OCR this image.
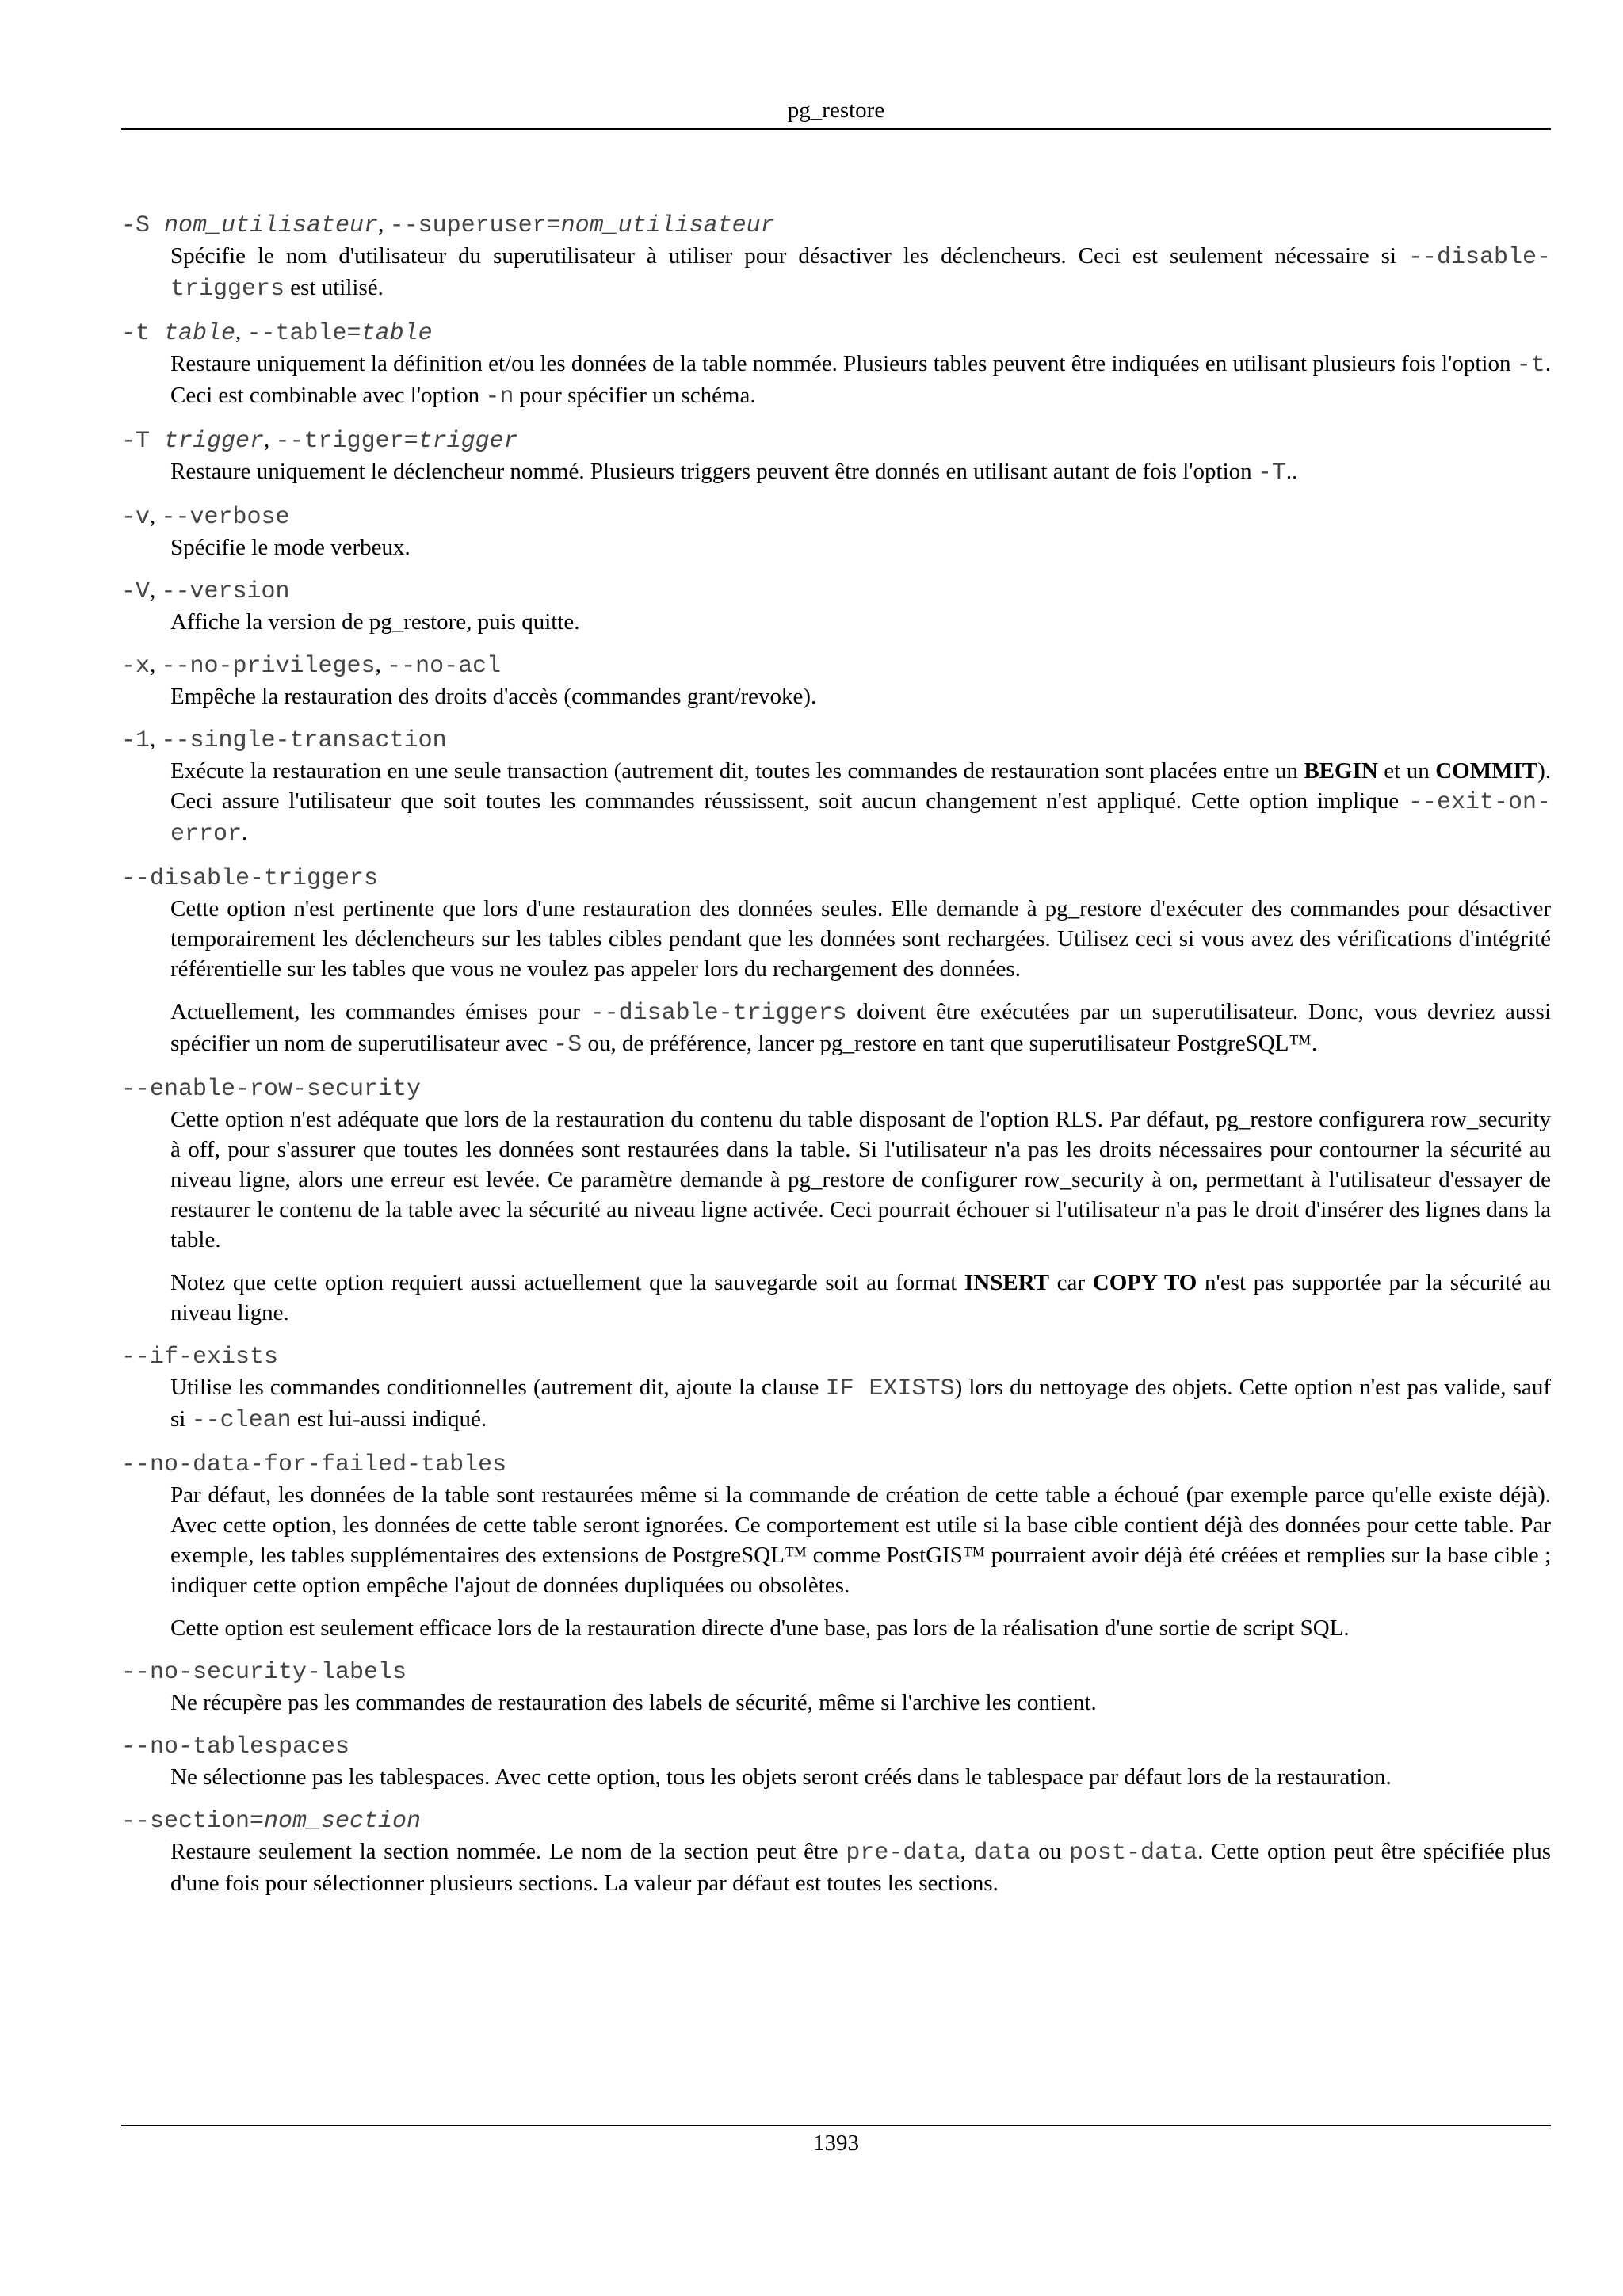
pg_restore
-S nom_utilisateur, --superuser=nom_utilisateur

Spécifie le nom d'utilisateur du superutilisateur à utiliser pour désactiver les déclencheurs. Ceci est seulement nécessaire si --disable-triggers est utilisé.

-t table, --table=table

Restaure uniquement la définition et/ou les données de la table nommée. Plusieurs tables peuvent être indiquées en utilisant plusieurs fois l'option -t. Ceci est combinable avec l'option -n pour spécifier un schéma.

-T trigger, --trigger=trigger

Restaure uniquement le déclencheur nommé. Plusieurs triggers peuvent être donnés en utilisant autant de fois l'option -T..

-v, --verbose

Spécifie le mode verbeux.

-V, --version

Affiche la version de pg_restore, puis quitte.

-x, --no-privileges, --no-acl

Empêche la restauration des droits d'accès (commandes grant/revoke).

-1, --single-transaction

Exécute la restauration en une seule transaction (autrement dit, toutes les commandes de restauration sont placées entre un BEGIN et un COMMIT). Ceci assure l'utilisateur que soit toutes les commandes réussissent, soit aucun changement n'est appliqué. Cette option implique --exit-on-error.

--disable-triggers

Cette option n'est pertinente que lors d'une restauration des données seules. Elle demande à pg_restore d'exécuter des commandes pour désactiver temporairement les déclencheurs sur les tables cibles pendant que les données sont rechargées. Utilisez ceci si vous avez des vérifications d'intégrité référentielle sur les tables que vous ne voulez pas appeler lors du rechargement des données.

Actuellement, les commandes émises pour --disable-triggers doivent être exécutées par un superutilisateur. Donc, vous devriez aussi spécifier un nom de superutilisateur avec -S ou, de préférence, lancer pg_restore en tant que superutilisateur PostgreSQL™.

--enable-row-security

Cette option n'est adéquate que lors de la restauration du contenu du table disposant de l'option RLS. Par défaut, pg_restore configurera row_security à off, pour s'assurer que toutes les données sont restaurées dans la table. Si l'utilisateur n'a pas les droits nécessaires pour contourner la sécurité au niveau ligne, alors une erreur est levée. Ce paramètre demande à pg_restore de configurer row_security à on, permettant à l'utilisateur d'essayer de restaurer le contenu de la table avec la sécurité au niveau ligne activée. Ceci pourrait échouer si l'utilisateur n'a pas le droit d'insérer des lignes dans la table.

Notez que cette option requiert aussi actuellement que la sauvegarde soit au format INSERT car COPY TO n'est pas supportée par la sécurité au niveau ligne.

--if-exists

Utilise les commandes conditionnelles (autrement dit, ajoute la clause IF EXISTS) lors du nettoyage des objets. Cette option n'est pas valide, sauf si --clean est lui-aussi indiqué.

--no-data-for-failed-tables

Par défaut, les données de la table sont restaurées même si la commande de création de cette table a échoué (par exemple parce qu'elle existe déjà). Avec cette option, les données de cette table seront ignorées. Ce comportement est utile si la base cible contient déjà des données pour cette table. Par exemple, les tables supplémentaires des extensions de PostgreSQL™ comme PostGIS™ pourraient avoir déjà été créées et remplies sur la base cible ; indiquer cette option empêche l'ajout de données dupliquées ou obsolètes.

Cette option est seulement efficace lors de la restauration directe d'une base, pas lors de la réalisation d'une sortie de script SQL.

--no-security-labels

Ne récupère pas les commandes de restauration des labels de sécurité, même si l'archive les contient.

--no-tablespaces

Ne sélectionne pas les tablespaces. Avec cette option, tous les objets seront créés dans le tablespace par défaut lors de la restauration.

--section=nom_section

Restaure seulement la section nommée. Le nom de la section peut être pre-data, data ou post-data. Cette option peut être spécifiée plus d'une fois pour sélectionner plusieurs sections. La valeur par défaut est toutes les sections.

1393
